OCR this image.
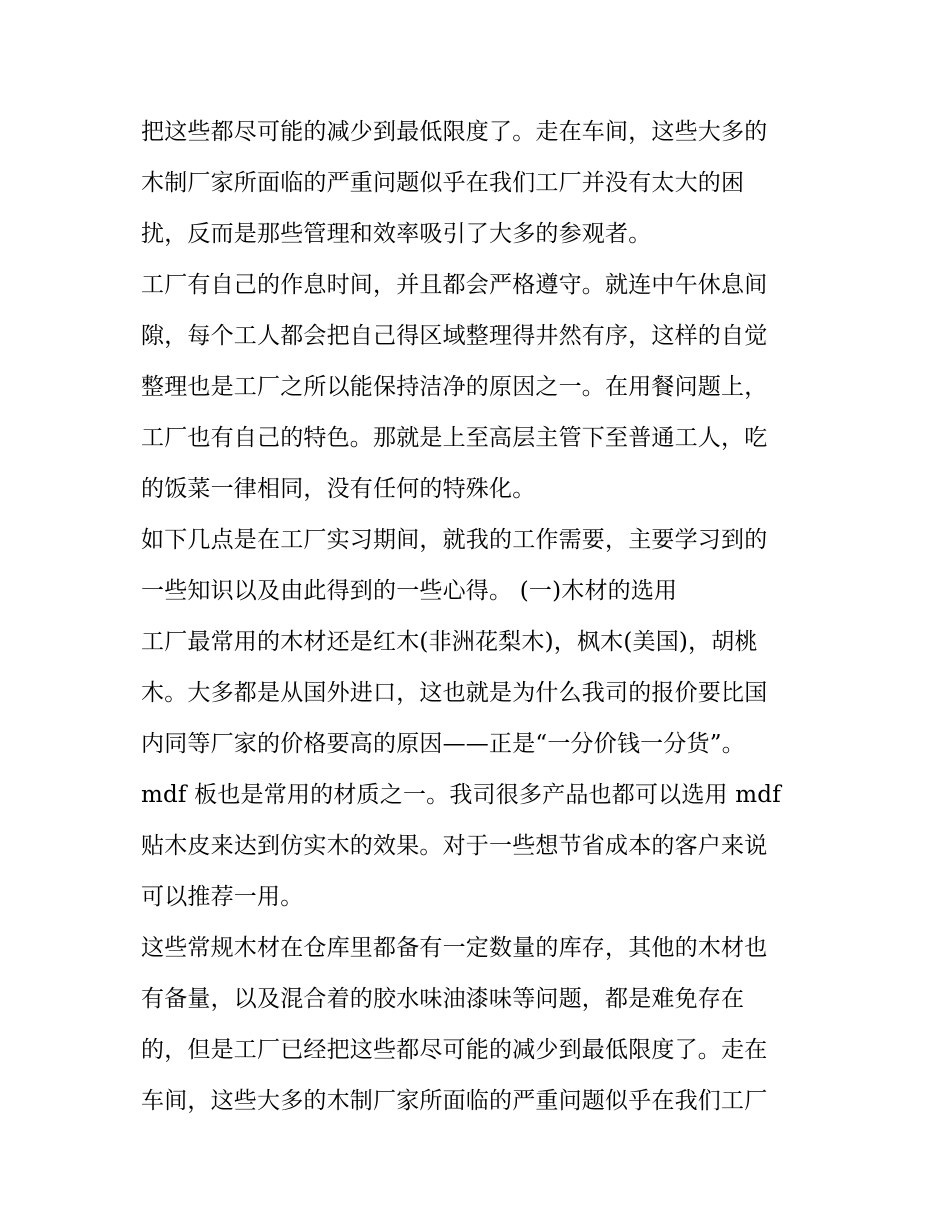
把这些都尽可能的减少到最低限度了。走在车间，这些大多的
木制厂家所面临的严重问题似乎在我们工厂并没有太大的困
扰，反而是那些管理和效率吸引了大多的参观者。
工厂有自己的作息时间，并且都会严格遵守。就连中午休息间
隙，每个工人都会把自己得区域整理得井然有序，这样的自觉
整理也是工厂之所以能保持洁净的原因之一。在用餐问题上，
工厂也有自己的特色。那就是上至高层主管下至普通工人，吃
的饭菜一律相同，没有任何的特殊化。
如下几点是在工厂实习期间，就我的工作需要，主要学习到的
一些知识以及由此得到的一些心得。 (一)木材的选用
工厂最常用的木材还是红木(非洲花梨木)，枫木(美国)，胡桃
木。大多都是从国外进口，这也就是为什么我司的报价要比国
内同等厂家的价格要高的原因——正是“一分价钱一分货”。
mdf 板也是常用的材质之一。我司很多产品也都可以选用 mdf
贴木皮来达到仿实木的效果。对于一些想节省成本的客户来说
可以推荐一用。
这些常规木材在仓库里都备有一定数量的库存，其他的木材也
有备量，以及混合着的胶水味油漆味等问题，都是难免存在
的，但是工厂已经把这些都尽可能的减少到最低限度了。走在
车间，这些大多的木制厂家所面临的严重问题似乎在我们工厂
